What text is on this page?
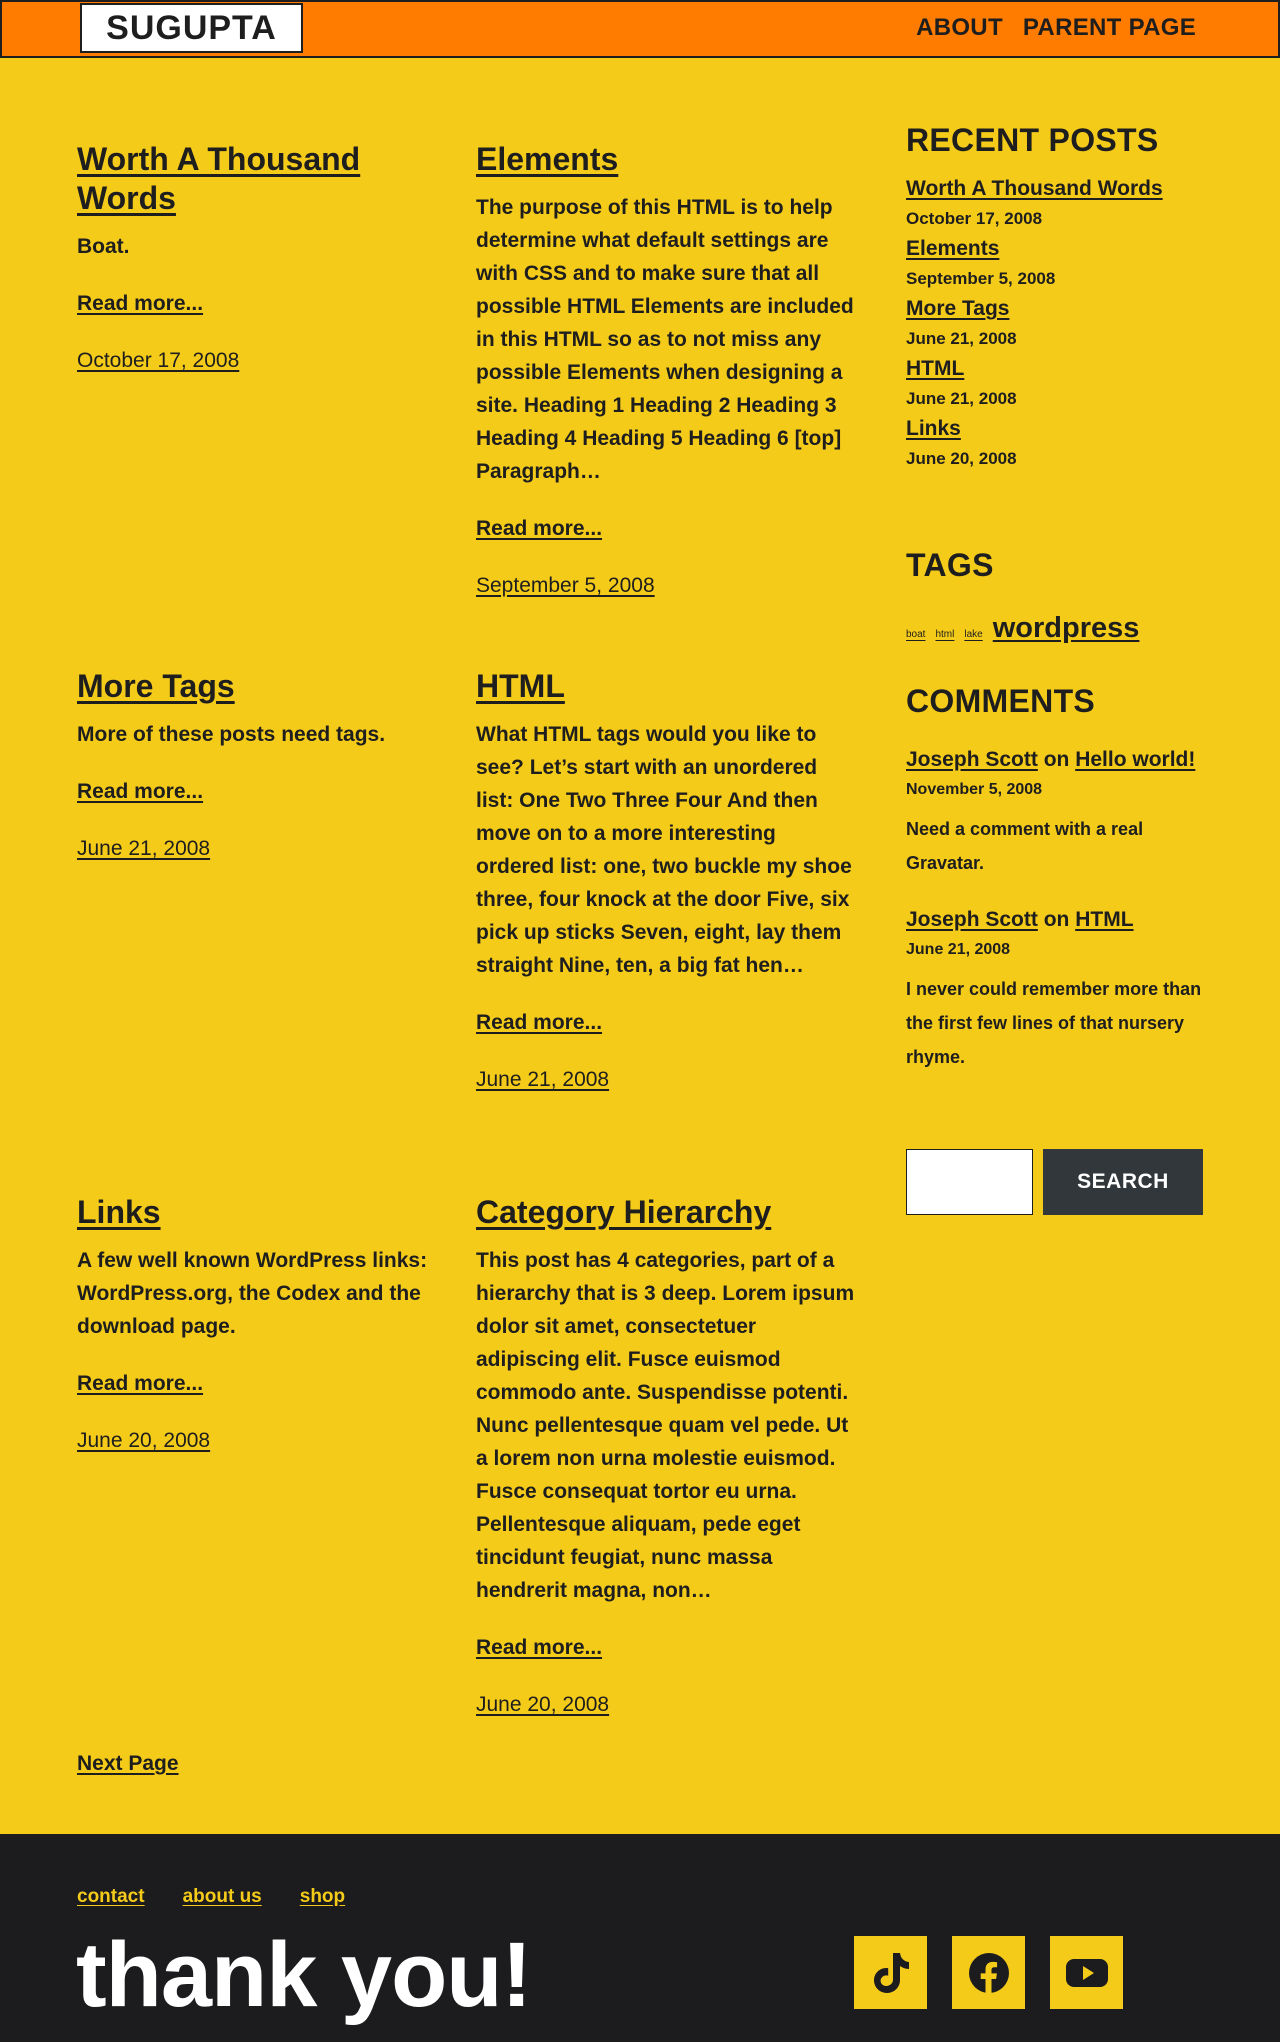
SUGUPTA	ABOUT PARENT PAGE
Worth A Thousand Words

Boat.

Read more...
October 17, 2008
Elements

The purpose of this HTML is to help determine what default settings are with CSS and to make sure that all possible HTML Elements are included in this HTML so as to not miss any possible Elements when designing a site. Heading 1 Heading 2 Heading 3 Heading 4 Heading 5 Heading 6 [top] Paragraph…

Read more...
September 5, 2008
More Tags

More of these posts need tags.

Read more...
June 21, 2008
HTML

What HTML tags would you like to see? Let’s start with an unordered list: One Two Three Four And then move on to a more interesting ordered list: one, two buckle my shoe three, four knock at the door Five, six pick up sticks Seven, eight, lay them straight Nine, ten, a big fat hen…

Read more...
June 21, 2008
Links

A few well known WordPress links: WordPress.org, the Codex and the download page.

Read more...
June 20, 2008
Category Hierarchy

This post has 4 categories, part of a hierarchy that is 3 deep. Lorem ipsum dolor sit amet, consectetuer adipiscing elit. Fusce euismod commodo ante. Suspendisse potenti. Nunc pellentesque quam vel pede. Ut a lorem non urna molestie euismod. Fusce consequat tortor eu urna. Pellentesque aliquam, pede eget tincidunt feugiat, nunc massa hendrerit magna, non…

Read more...
June 20, 2008
Next Page
RECENT POSTS
Worth A Thousand Words
October 17, 2008
Elements
September 5, 2008
More Tags
June 21, 2008
HTML
June 21, 2008
Links
June 20, 2008
TAGS
boat html lake wordpress
COMMENTS
Joseph Scott on Hello world!
November 5, 2008

Need a comment with a real Gravatar.

Joseph Scott on HTML
June 21, 2008

I never could remember more than the first few lines of that nursery rhyme.

SEARCH
contact about us shop
thank you!
